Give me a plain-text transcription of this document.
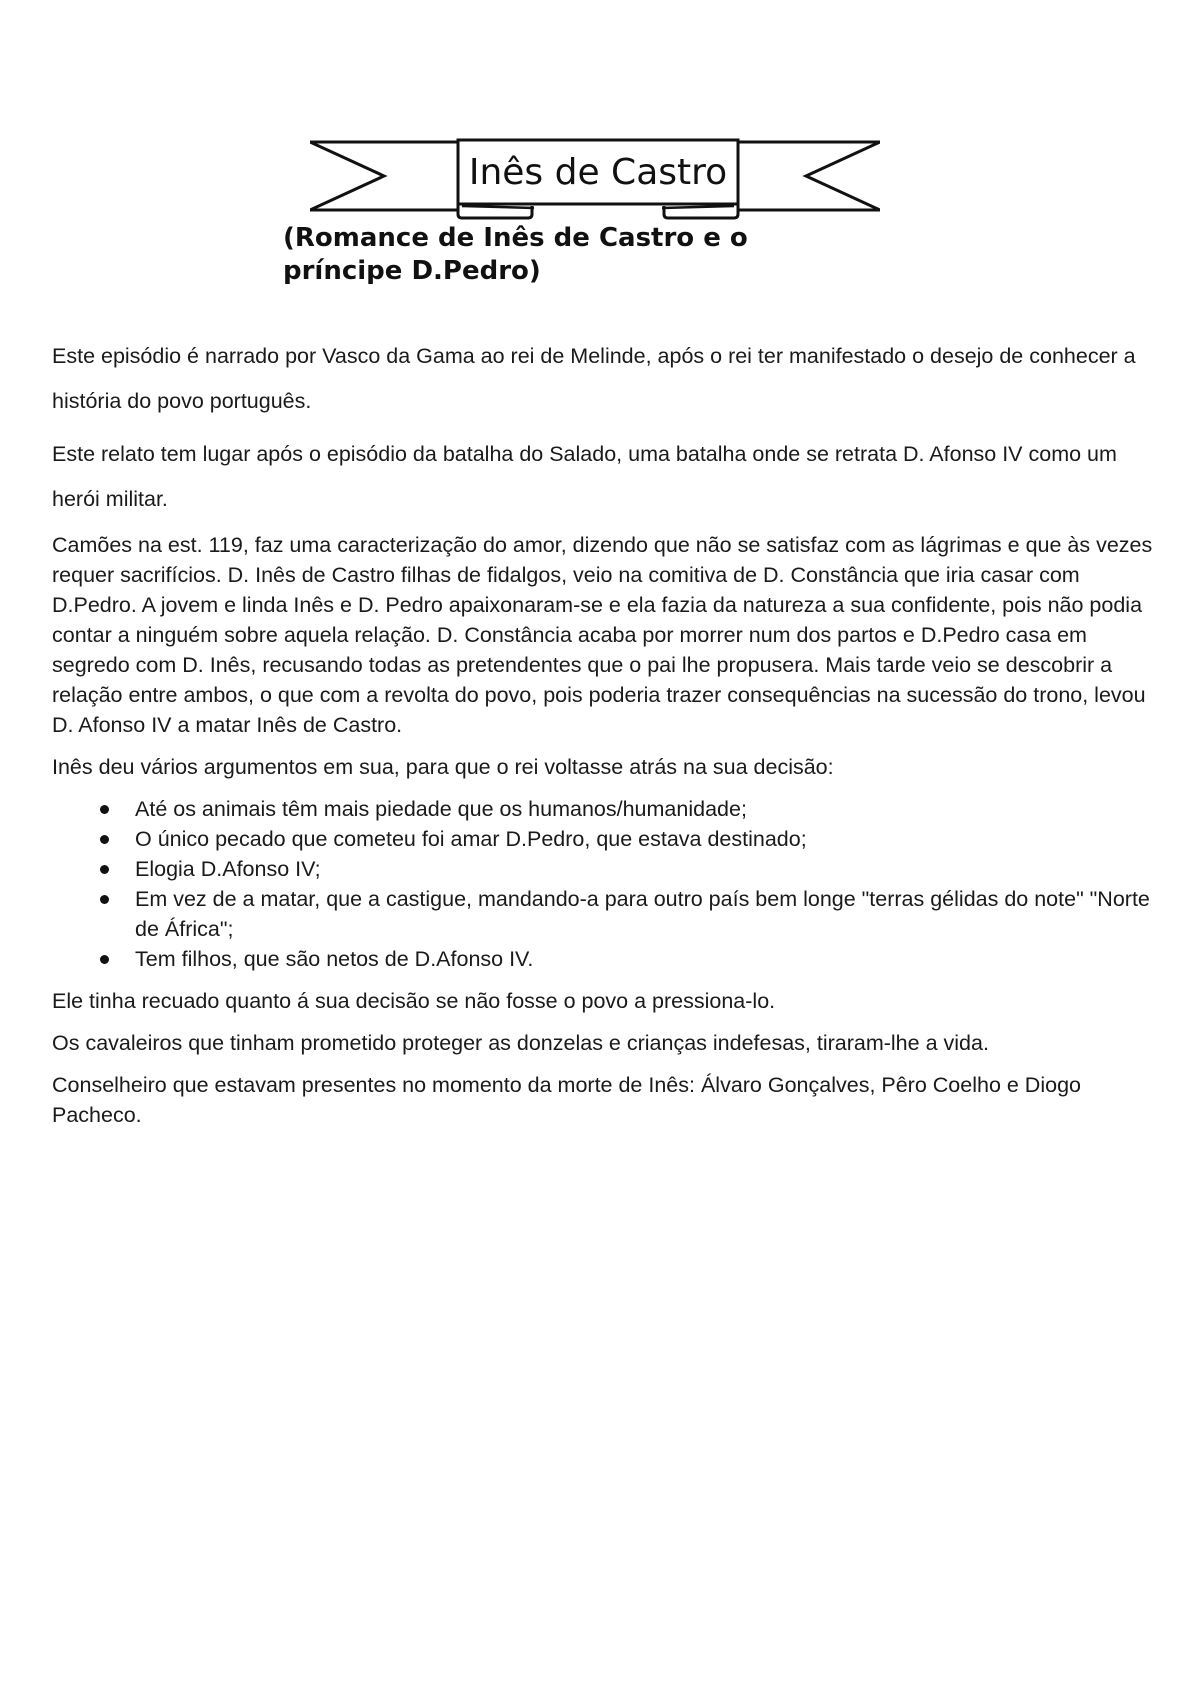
Inês de Castro
(Romance de Inês de Castro e o príncipe D.Pedro)

Este episódio é narrado por Vasco da Gama ao rei de Melinde, após o rei ter manifestado o desejo de conhecer a história do povo português.

Este relato tem lugar após o episódio da batalha do Salado, uma batalha onde se retrata D. Afonso IV como um herói militar.

Camões na est. 119, faz uma caracterização do amor, dizendo que não se satisfaz com as lágrimas e que às vezes requer sacrifícios. D. Inês de Castro filhas de fidalgos, veio na comitiva de D. Constância que iria casar com D.Pedro. A jovem e linda Inês e D. Pedro apaixonaram-se e ela fazia da natureza a sua confidente, pois não podia contar a ninguém sobre aquela relação. D. Constância acaba por morrer num dos partos e D.Pedro casa em segredo com D. Inês, recusando todas as pretendentes que o pai lhe propusera. Mais tarde veio se descobrir a relação entre ambos, o que com a revolta do povo, pois poderia trazer consequências na sucessão do trono, levou D. Afonso IV a matar Inês de Castro.

Inês deu vários argumentos em sua, para que o rei voltasse atrás na sua decisão:

Até os animais têm mais piedade que os humanos/humanidade;
O único pecado que cometeu foi amar D.Pedro, que estava destinado;
Elogia D.Afonso IV;
Em vez de a matar, que a castigue, mandando-a para outro país bem longe "terras gélidas do note" "Norte de África";
Tem filhos, que são netos de D.Afonso IV.

Ele tinha recuado quanto á sua decisão se não fosse o povo a pressiona-lo.

Os cavaleiros que tinham prometido proteger as donzelas e crianças indefesas, tiraram-lhe a vida.

Conselheiro que estavam presentes no momento da morte de Inês: Álvaro Gonçalves, Pêro Coelho e Diogo Pacheco.
